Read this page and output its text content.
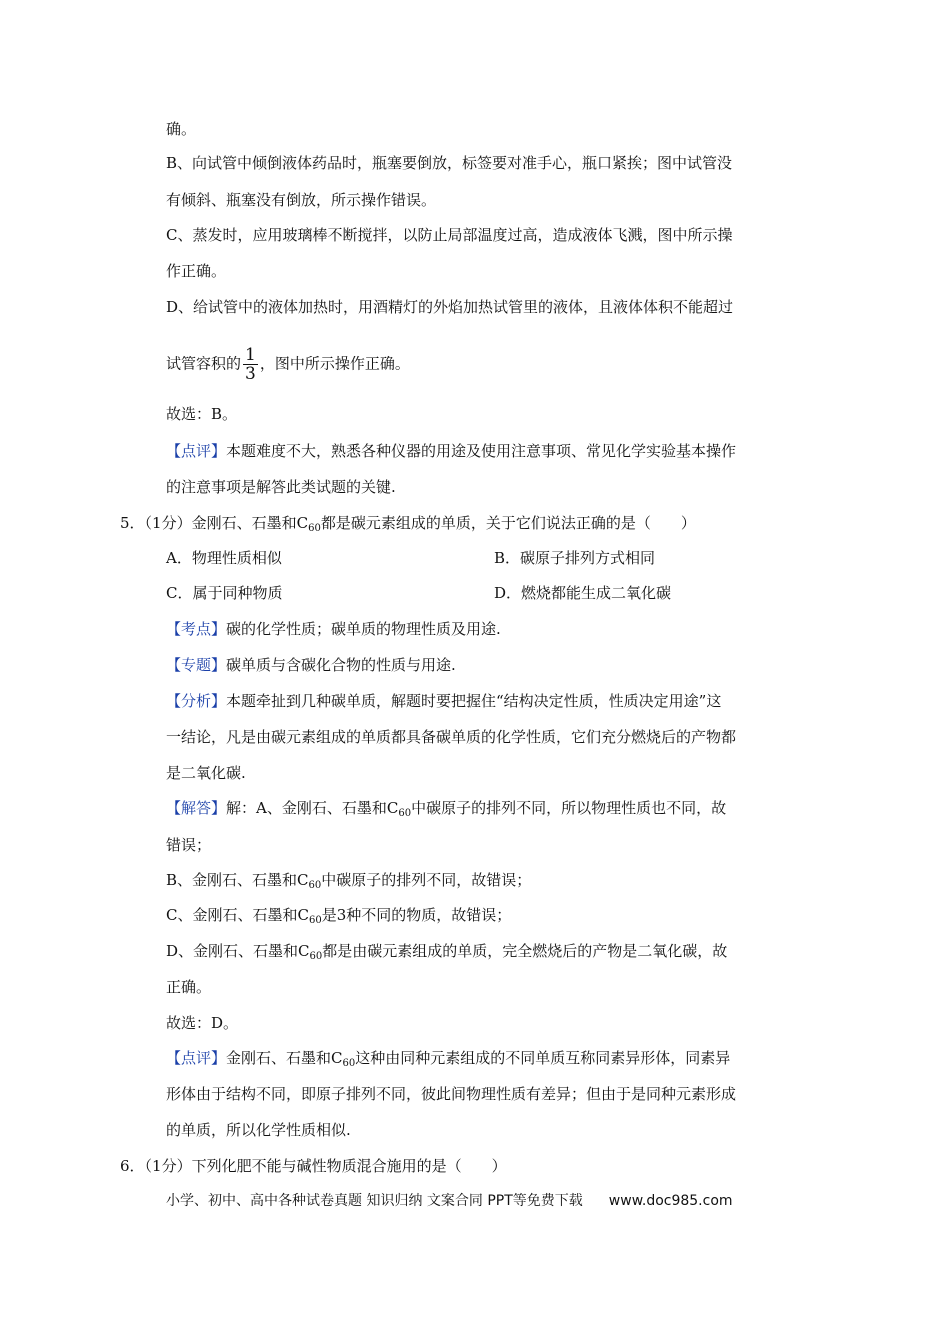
确。
B、向试管中倾倒液体药品时，瓶塞要倒放，标签要对准手心，瓶口紧挨；图中试管没
有倾斜、瓶塞没有倒放，所示操作错误。
C、蒸发时，应用玻璃棒不断搅拌，以防止局部温度过高，造成液体飞溅，图中所示操
作正确。
D、给试管中的液体加热时，用酒精灯的外焰加热试管里的液体，且液体体积不能超过
试管容积的 $\frac{1}{3}$ ，图中所示操作正确。
故选：B。
【点评】本题难度不大，熟悉各种仪器的用途及使用注意事项、常见化学实验基本操作
的注意事项是解答此类试题的关键.
5．（1分）金刚石、石墨和$C_{60}$都是碳元素组成的单质，关于它们说法正确的是（　　）
A．物理性质相似	B．碳原子排列方式相同
C．属于同种物质	D．燃烧都能生成二氧化碳
【考点】碳的化学性质；碳单质的物理性质及用途.
【专题】碳单质与含碳化合物的性质与用途.
【分析】本题牵扯到几种碳单质，解题时要把握住“结构决定性质，性质决定用途”这
一结论，凡是由碳元素组成的单质都具备碳单质的化学性质，它们充分燃烧后的产物都
是二氧化碳.
【解答】解：A、金刚石、石墨和$C_{60}$中碳原子的排列不同，所以物理性质也不同，故
错误；
B、金刚石、石墨和$C_{60}$中碳原子的排列不同，故错误；
C、金刚石、石墨和$C_{60}$是3种不同的物质，故错误；
D、金刚石、石墨和$C_{60}$都是由碳元素组成的单质，完全燃烧后的产物是二氧化碳，故
正确。
故选：D。
【点评】金刚石、石墨和$C_{60}$这种由同种元素组成的不同单质互称同素异形体，同素异
形体由于结构不同，即原子排列不同，彼此间物理性质有差异；但由于是同种元素形成
的单质，所以化学性质相似.
6．（1分）下列化肥不能与碱性物质混合施用的是（　　）
小学、初中、高中各种试卷真题 知识归纳 文案合同 PPT等免费下载 www.doc985.com
